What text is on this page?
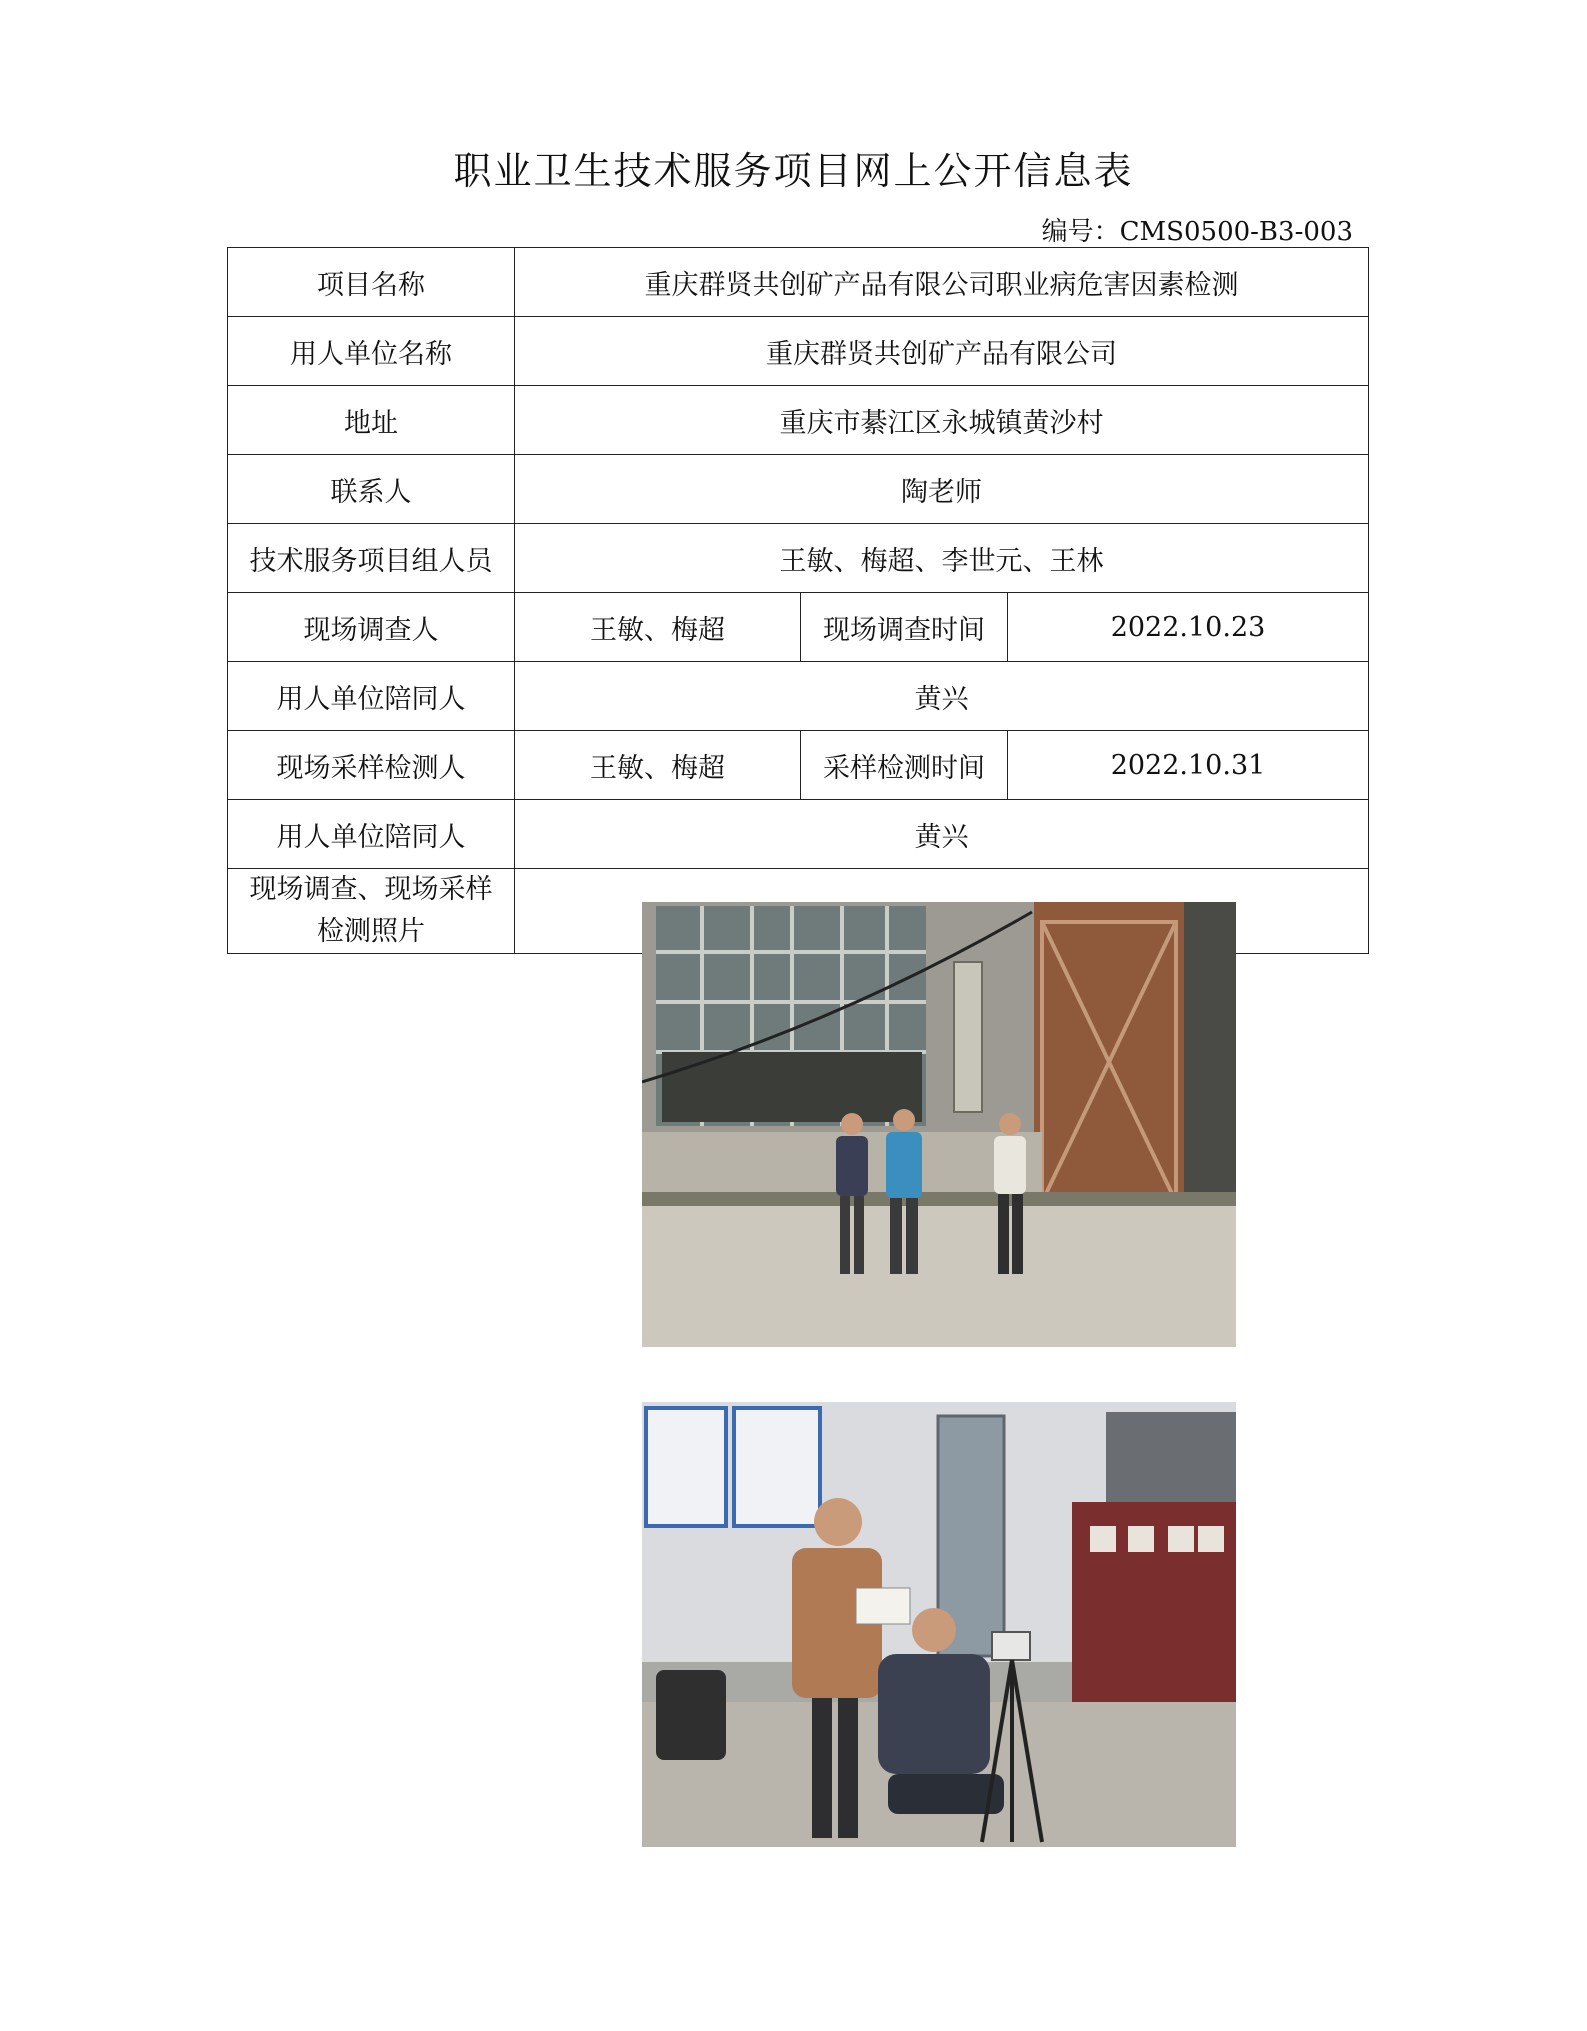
职业卫生技术服务项目网上公开信息表
编号：CMS0500-B3-003
项目名称	重庆群贤共创矿产品有限公司职业病危害因素检测		
用人单位名称	重庆群贤共创矿产品有限公司		
地址	重庆市綦江区永城镇黄沙村		
联系人	陶老师		
技术服务项目组人员	王敏、梅超、李世元、王林		
现场调查人	王敏、梅超	现场调查时间	2022.10.23
用人单位陪同人	黄兴		
现场采样检测人	王敏、梅超	采样检测时间	2022.10.31
用人单位陪同人	黄兴		

现场调查、现场采样
检测照片
